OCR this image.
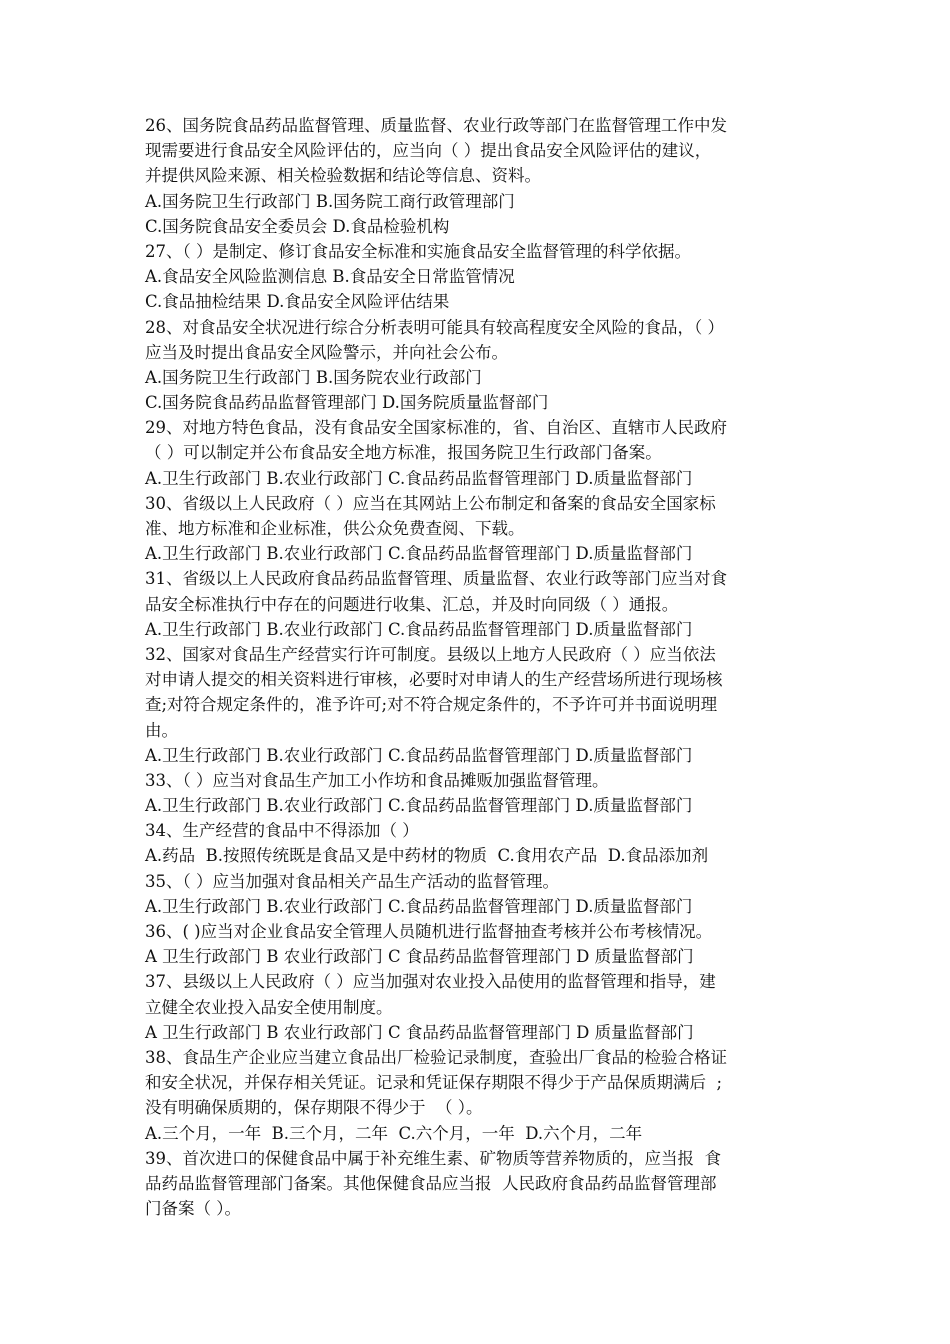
26、国务院食品药品监督管理、质量监督、农业行政等部门在监督管理工作中发
现需要进行食品安全风险评估的，应当向（ ）提出食品安全风险评估的建议，
并提供风险来源、相关检验数据和结论等信息、资料。
A.国务院卫生行政部门 B.国务院工商行政管理部门
C.国务院食品安全委员会 D.食品检验机构
27、（ ）是制定、修订食品安全标准和实施食品安全监督管理的科学依据。
A.食品安全风险监测信息 B.食品安全日常监管情况
C.食品抽检结果 D.食品安全风险评估结果
28、对食品安全状况进行综合分析表明可能具有较高程度安全风险的食品，（ ）
应当及时提出食品安全风险警示，并向社会公布。
A.国务院卫生行政部门 B.国务院农业行政部门
C.国务院食品药品监督管理部门 D.国务院质量监督部门
29、对地方特色食品，没有食品安全国家标准的，省、自治区、直辖市人民政府
（ ）可以制定并公布食品安全地方标准，报国务院卫生行政部门备案。
A.卫生行政部门 B.农业行政部门 C.食品药品监督管理部门 D.质量监督部门
30、省级以上人民政府（ ）应当在其网站上公布制定和备案的食品安全国家标
准、地方标准和企业标准，供公众免费查阅、下载。
A.卫生行政部门 B.农业行政部门 C.食品药品监督管理部门 D.质量监督部门
31、省级以上人民政府食品药品监督管理、质量监督、农业行政等部门应当对食
品安全标准执行中存在的问题进行收集、汇总，并及时向同级（ ）通报。
A.卫生行政部门 B.农业行政部门 C.食品药品监督管理部门 D.质量监督部门
32、国家对食品生产经营实行许可制度。县级以上地方人民政府（ ）应当依法
对申请人提交的相关资料进行审核，必要时对申请人的生产经营场所进行现场核
查;对符合规定条件的，准予许可;对不符合规定条件的，不予许可并书面说明理
由。
A.卫生行政部门 B.农业行政部门 C.食品药品监督管理部门 D.质量监督部门
33、（ ）应当对食品生产加工小作坊和食品摊贩加强监督管理。
A.卫生行政部门 B.农业行政部门 C.食品药品监督管理部门 D.质量监督部门
34、生产经营的食品中不得添加（ ）
A.药品  B.按照传统既是食品又是中药材的物质  C.食用农产品  D.食品添加剂
35、（ ）应当加强对食品相关产品生产活动的监督管理。
A.卫生行政部门 B.农业行政部门 C.食品药品监督管理部门 D.质量监督部门
36、( )应当对企业食品安全管理人员随机进行监督抽查考核并公布考核情况。
A 卫生行政部门 B 农业行政部门 C 食品药品监督管理部门 D 质量监督部门
37、县级以上人民政府（ ）应当加强对农业投入品使用的监督管理和指导，建
立健全农业投入品安全使用制度。
A 卫生行政部门 B 农业行政部门 C 食品药品监督管理部门 D 质量监督部门
38、食品生产企业应当建立食品出厂检验记录制度，查验出厂食品的检验合格证
和安全状况，并保存相关凭证。记录和凭证保存期限不得少于产品保质期满后  ;
没有明确保质期的，保存期限不得少于  （ ）。
A.三个月，一年  B.三个月，二年  C.六个月，一年  D.六个月，二年
39、首次进口的保健食品中属于补充维生素、矿物质等营养物质的，应当报  食
品药品监督管理部门备案。其他保健食品应当报  人民政府食品药品监督管理部
门备案（ ）。
